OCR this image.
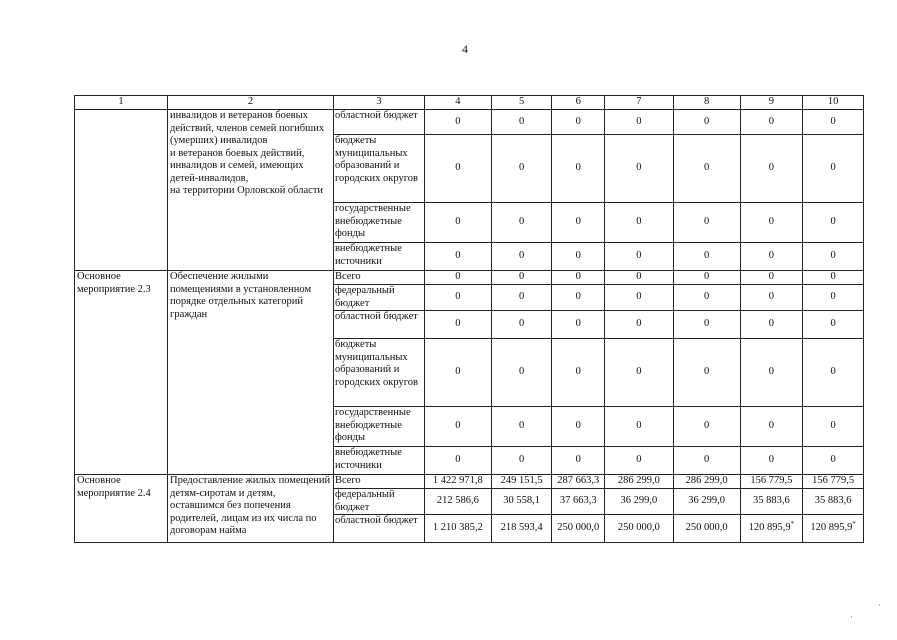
4
1	2	3	4	5	6	7	8	9	10
	инвалидов и ветеранов боевых действий, членов семей погибших (умерших) инвалидов
и ветеранов боевых действий, инвалидов и семей, имеющих детей-инвалидов,
на территории Орловской области	областной бюджет	0	0	0	0	0	0	0
		бюджеты муниципальных образований и городских округов	0	0	0	0	0	0	0
		государственные внебюджетные фонды	0	0	0	0	0	0	0
		внебюджетные источники	0	0	0	0	0	0	0
Основное мероприятие 2.3	Обеспечение жилыми помещениями в установленном порядке отдельных категорий граждан	Всего	0	0	0	0	0	0	0
		федеральный бюджет	0	0	0	0	0	0	0
		областной бюджет	0	0	0	0	0	0	0
		бюджеты муниципальных образований и городских округов	0	0	0	0	0	0	0
		государственные внебюджетные фонды	0	0	0	0	0	0	0
		внебюджетные источники	0	0	0	0	0	0	0
Основное мероприятие 2.4	Предоставление жилых помещений детям-сиротам и детям, оставшимся без попечения родителей, лицам из их числа по договорам найма	Всего	1 422 971,8	249 151,5	287 663,3	286 299,0	286 299,0	156 779,5	156 779,5
		федеральный бюджет	212 586,6	30 558,1	37 663,3	36 299,0	36 299,0	35 883,6	35 883,6
		областной бюджет	1 210 385,2	218 593,4	250 000,0	250 000,0	250 000,0	120 895,9*	120 895,9*
·
·
